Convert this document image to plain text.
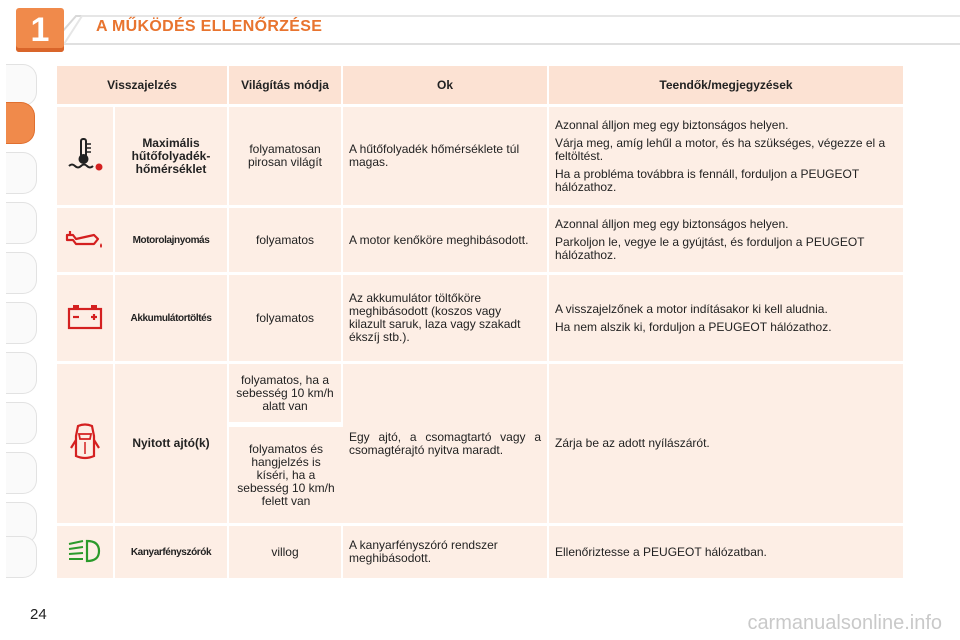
1	A MŰKÖDÉS ELLENŐRZÉSE
Visszajelzés		Világítás módja	Ok	Teendők/megjegyzések
	Maximális hűtőfolyadék-hőmérséklet	folyamatosan pirosan világít	A hűtőfolyadék hőmérséklete túl magas.	Azonnal álljon meg egy biztonságos helyen.

Várja meg, amíg lehűl a motor, és ha szükséges, végezze el a feltöltést.

Ha a probléma továbbra is fennáll, forduljon a PEUGEOT hálózathoz.

	Motorolajnyomás	folyamatos	A motor kenőköre meghibásodott.	Azonnal álljon meg egy biztonságos helyen.

Parkoljon le, vegye le a gyújtást, és forduljon a PEUGEOT hálózathoz.

	Akkumulátortöltés	folyamatos	Az akkumulátor töltőköre meghibásodott (koszos vagy kilazult saruk, laza vagy szakadt ékszíj stb.).	A visszajelzőnek a motor indításakor ki kell aludnia.

Ha nem alszik ki, forduljon a PEUGEOT hálózathoz.

	Nyitott ajtó(k)	folyamatos, ha a sebesség 10 km/h alatt van	Egy ajtó, a csomagtartó vagy a csomagtérajtó nyitva maradt.	Zárja be az adott nyílászárót.

		folyamatos és hangjelzés is kíséri, ha a sebesség 10 km/h felett van		
	Kanyarfényszórók	villog	A kanyarfényszóró rendszer meghibásodott.	Ellenőriztesse a PEUGEOT hálózatban.

24	carmanualsonline.info
